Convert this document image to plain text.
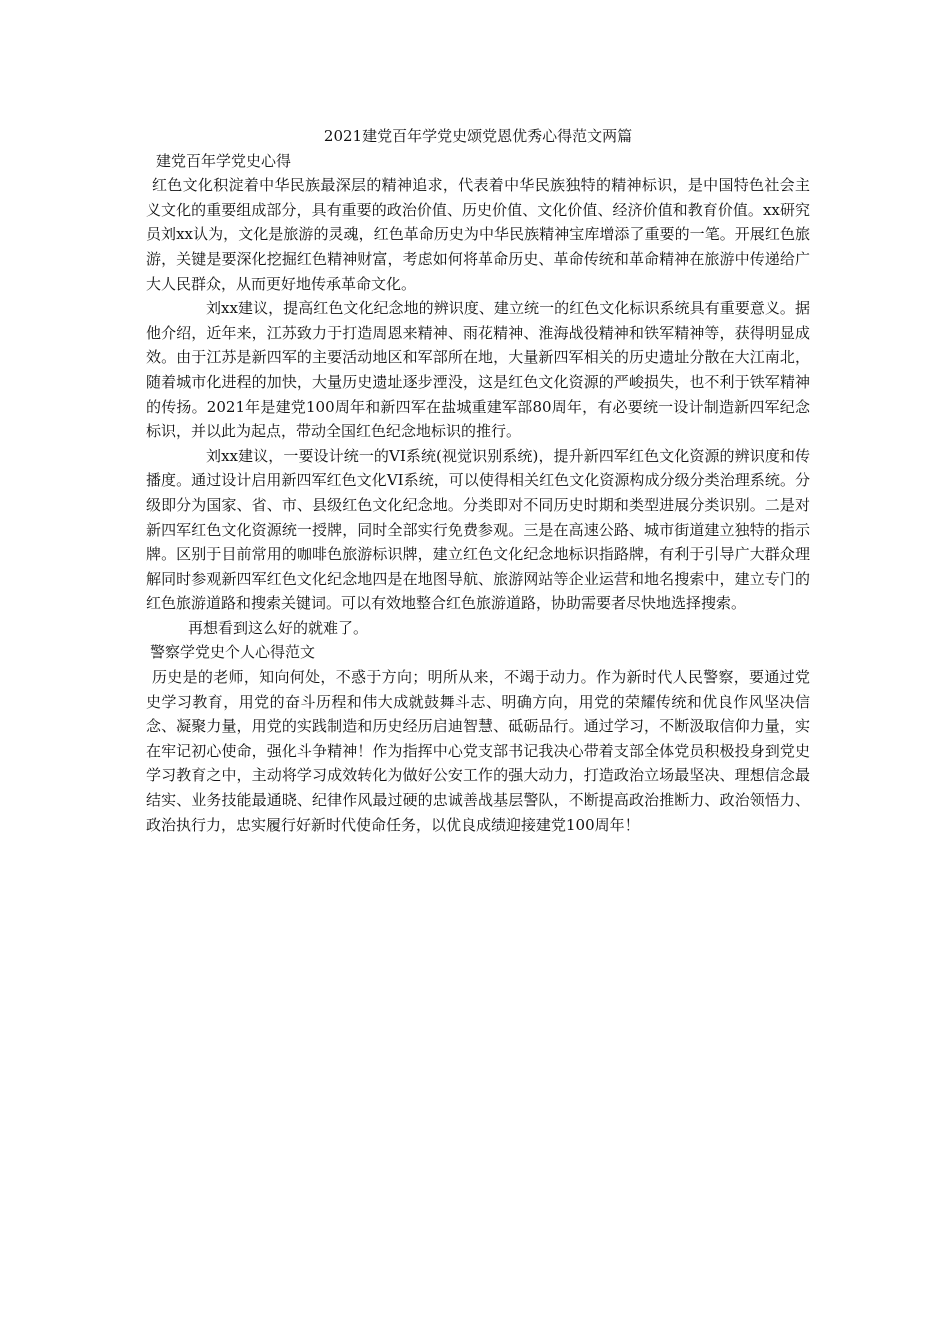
2021建党百年学党史颂党恩优秀心得范文两篇

建党百年学党史心得

红色文化积淀着中华民族最深层的精神追求，代表着中华民族独特的精神标识，是中国特色社会主义文化的重要组成部分，具有重要的政治价值、历史价值、文化价值、经济价值和教育价值。xx研究员刘xx认为，文化是旅游的灵魂，红色革命历史为中华民族精神宝库增添了重要的一笔。开展红色旅游，关键是要深化挖掘红色精神财富，考虑如何将革命历史、革命传统和革命精神在旅游中传递给广大人民群众，从而更好地传承革命文化。

刘xx建议，提高红色文化纪念地的辨识度、建立统一的红色文化标识系统具有重要意义。据他介绍，近年来，江苏致力于打造周恩来精神、雨花精神、淮海战役精神和铁军精神等，获得明显成效。由于江苏是新四军的主要活动地区和军部所在地，大量新四军相关的历史遗址分散在大江南北，随着城市化进程的加快，大量历史遗址逐步湮没，这是红色文化资源的严峻损失，也不利于铁军精神的传扬。2021年是建党100周年和新四军在盐城重建军部80周年，有必要统一设计制造新四军纪念标识，并以此为起点，带动全国红色纪念地标识的推行。

刘xx建议，一要设计统一的VI系统(视觉识别系统)，提升新四军红色文化资源的辨识度和传播度。通过设计启用新四军红色文化VI系统，可以使得相关红色文化资源构成分级分类治理系统。分级即分为国家、省、市、县级红色文化纪念地。分类即对不同历史时期和类型进展分类识别。二是对新四军红色文化资源统一授牌，同时全部实行免费参观。三是在高速公路、城市街道建立独特的指示牌。区别于目前常用的咖啡色旅游标识牌，建立红色文化纪念地标识指路牌，有利于引导广大群众理解同时参观新四军红色文化纪念地四是在地图导航、旅游网站等企业运营和地名搜索中，建立专门的红色旅游道路和搜索关键词。可以有效地整合红色旅游道路，协助需要者尽快地选择搜索。

再想看到这么好的就难了。

警察学党史个人心得范文

历史是的老师，知向何处，不惑于方向；明所从来，不竭于动力。作为新时代人民警察，要通过党史学习教育，用党的奋斗历程和伟大成就鼓舞斗志、明确方向，用党的荣耀传统和优良作风坚决信念、凝聚力量，用党的实践制造和历史经历启迪智慧、砥砺品行。通过学习，不断汲取信仰力量，实在牢记初心使命，强化斗争精神！作为指挥中心党支部书记我决心带着支部全体党员积极投身到党史学习教育之中，主动将学习成效转化为做好公安工作的强大动力，打造政治立场最坚决、理想信念最结实、业务技能最通晓、纪律作风最过硬的忠诚善战基层警队，不断提高政治推断力、政治领悟力、政治执行力，忠实履行好新时代使命任务，以优良成绩迎接建党100周年！
